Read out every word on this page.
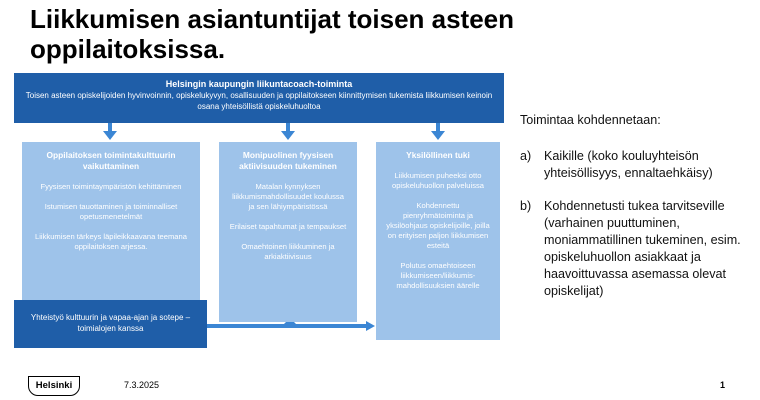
Liikkumisen asiantuntijat toisen asteen oppilaitoksissa.
Helsingin kaupungin liikuntacoach-toiminta
Toisen asteen opiskelijoiden hyvinvoinnin, opiskelukyvyn, osallisuuden ja oppilaitokseen kiinnittymisen tukemista liikkumisen keinoin osana yhteisöllistä opiskeluhuoltoa
Oppilaitoksen toimintakulttuurin vaikuttaminen
Fyysisen toimintaympäristön kehittäminen
Istumisen tauottaminen ja toiminnalliset opetusmenetelmät
Liikkumisen tärkeys läpileikkaavana teemana oppilaitoksen arjessa.
Monipuolinen fyysisen aktiivisuuden tukeminen
Matalan kynnyksen liikkumismahdollisuudet koulussa ja sen lähiympäristössä
Erilaiset tapahtumat ja tempaukset
Omaehtoinen liikkuminen ja arkiaktiivisuus
Yksilöllinen tuki
Liikkumisen puheeksi otto opiskeluhuollon palveluissa
Kohdennettu pienryhmätoiminta ja yksilöohjaus opiskelijoille, joilla on erityisen paljon liikkumisen esteitä
Polutus omaehtoiseen liikkumiseen/liikkumis-mahdollisuuksien äärelle
Yhteistyö kulttuurin ja vapaa-ajan ja sotepe –toimialojen kanssa
Toimintaa kohdennetaan:
a) Kaikille (koko kouluyhteisön yhteisöllisyys, ennaltaehkäisy)
b) Kohdennetusti tukea tarvitseville (varhainen puuttuminen, moniammatillinen tukeminen, esim. opiskeluhuollon asiakkaat ja haavoittuvassa asemassa olevat opiskelijat)
Helsinki	7.3.2025	1
